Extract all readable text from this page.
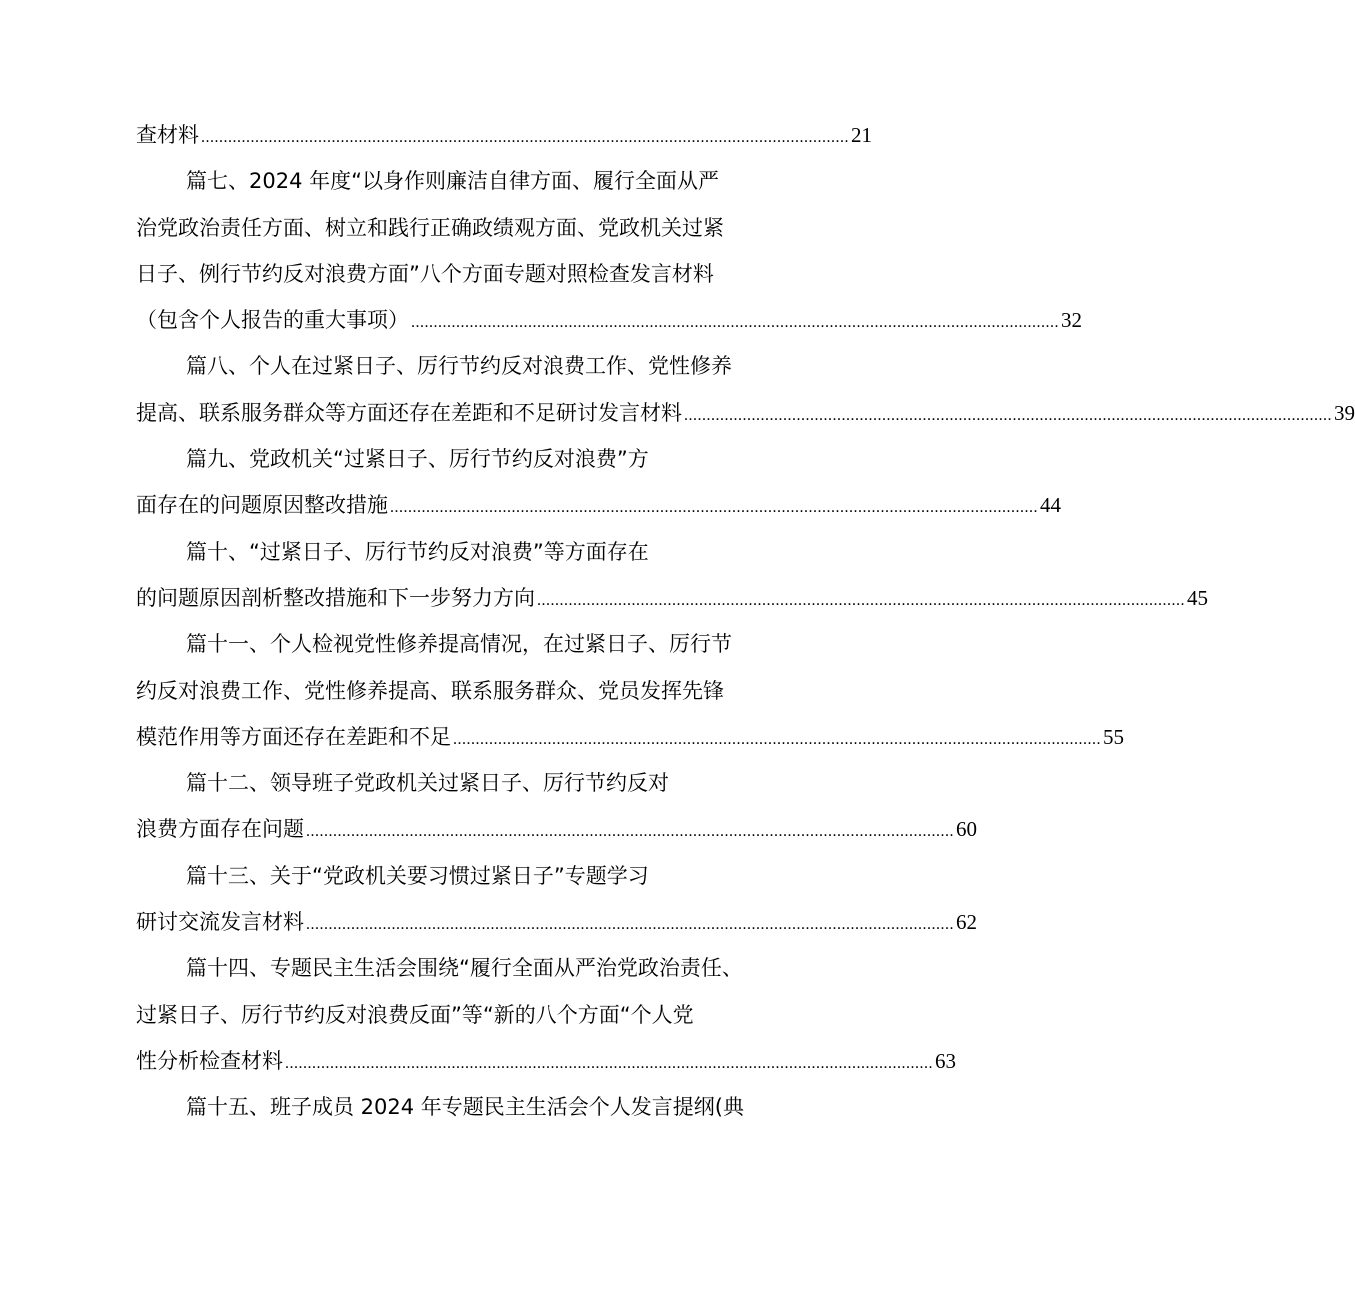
查材料 ................................................................................................................................................ 21
篇七、2024 年度“以身作则廉洁自律方面、履行全面从严
治党政治责任方面、树立和践行正确政绩观方面、党政机关过紧
日子、例行节约反对浪费方面”八个方面专题对照检查发言材料
（包含个人报告的重大事项） ................................................................................................................................................ 32
篇八、个人在过紧日子、厉行节约反对浪费工作、党性修养
提高、联系服务群众等方面还存在差距和不足研讨发言材料 ................................................................................................................................................ 39
篇九、党政机关“过紧日子、厉行节约反对浪费”方
面存在的问题原因整改措施 ................................................................................................................................................ 44
篇十、“过紧日子、厉行节约反对浪费”等方面存在
的问题原因剖析整改措施和下一步努力方向 ................................................................................................................................................ 45
篇十一、个人检视党性修养提高情况，在过紧日子、厉行节
约反对浪费工作、党性修养提高、联系服务群众、党员发挥先锋
模范作用等方面还存在差距和不足 ................................................................................................................................................ 55
篇十二、领导班子党政机关过紧日子、厉行节约反对
浪费方面存在问题 ................................................................................................................................................ 60
篇十三、关于“党政机关要习惯过紧日子”专题学习
研讨交流发言材料 ................................................................................................................................................ 62
篇十四、专题民主生活会围绕“履行全面从严治党政治责任、
过紧日子、厉行节约反对浪费反面”等“新的八个方面“个人党
性分析检查材料 ................................................................................................................................................ 63
篇十五、班子成员 2024 年专题民主生活会个人发言提纲(典
